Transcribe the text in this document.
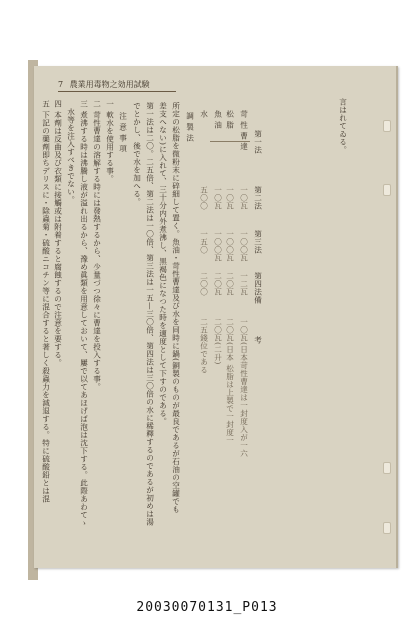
7 農業用毒物之効用試験
言はれてゐる。
第一法
第二法
第三法
第四法備
考
苛 性 曹 達
松 脂
魚 油
水
一〇瓦
一〇瓦
一〇瓦
五〇〇
一〇〇瓦
一〇〇瓦
一〇〇瓦
一五〇
一二瓦
二〇瓦
二〇瓦
二〇〇
一〇瓦(日本苛性曹達は一封度入が一六
二〇瓦(日本 松脂は上製で一封度一
二〇瓦(二升)
二五錢位である
調 製 法
所定の松脂を微粉末に碎細して置く。魚油・苛性曹達及び水を同時に鍋(銅製のものが最良であるが石油の空罐でも
差支へない)に入れて、三十分内外煮沸し、黒褐色になつた時を適度として下すのである。
第一法は二〇。二五倍、第二法は一〇倍、第三法は一五—三〇倍、第四法は三〇倍の水に稀釋するのであるが初めは湯
でとかし、後で水を加へる。
注 意 事 項
一 軟水を使用する事。
二 苛性曹達の溶解する時には發熱するから、少量づつ徐々に曹達を投入する事。
三 煮沸する時は沸騰し液が溢れ出るから、豫め眞類を用意しておいて、屢で以てあほげば泡は沈下する。此際あわてゝ
　水等を注入すべきでない。
四 本劑は反曲及び衣類に接觸或は附着すると腐蝕するので注意を要する。
五 下記の藥劑即ちデリスに・除蟲菊・硫酸ニコチン等に混合すると著しく殺蟲力を減退する。特に硫酸鉛とは混
20030070131_P013
